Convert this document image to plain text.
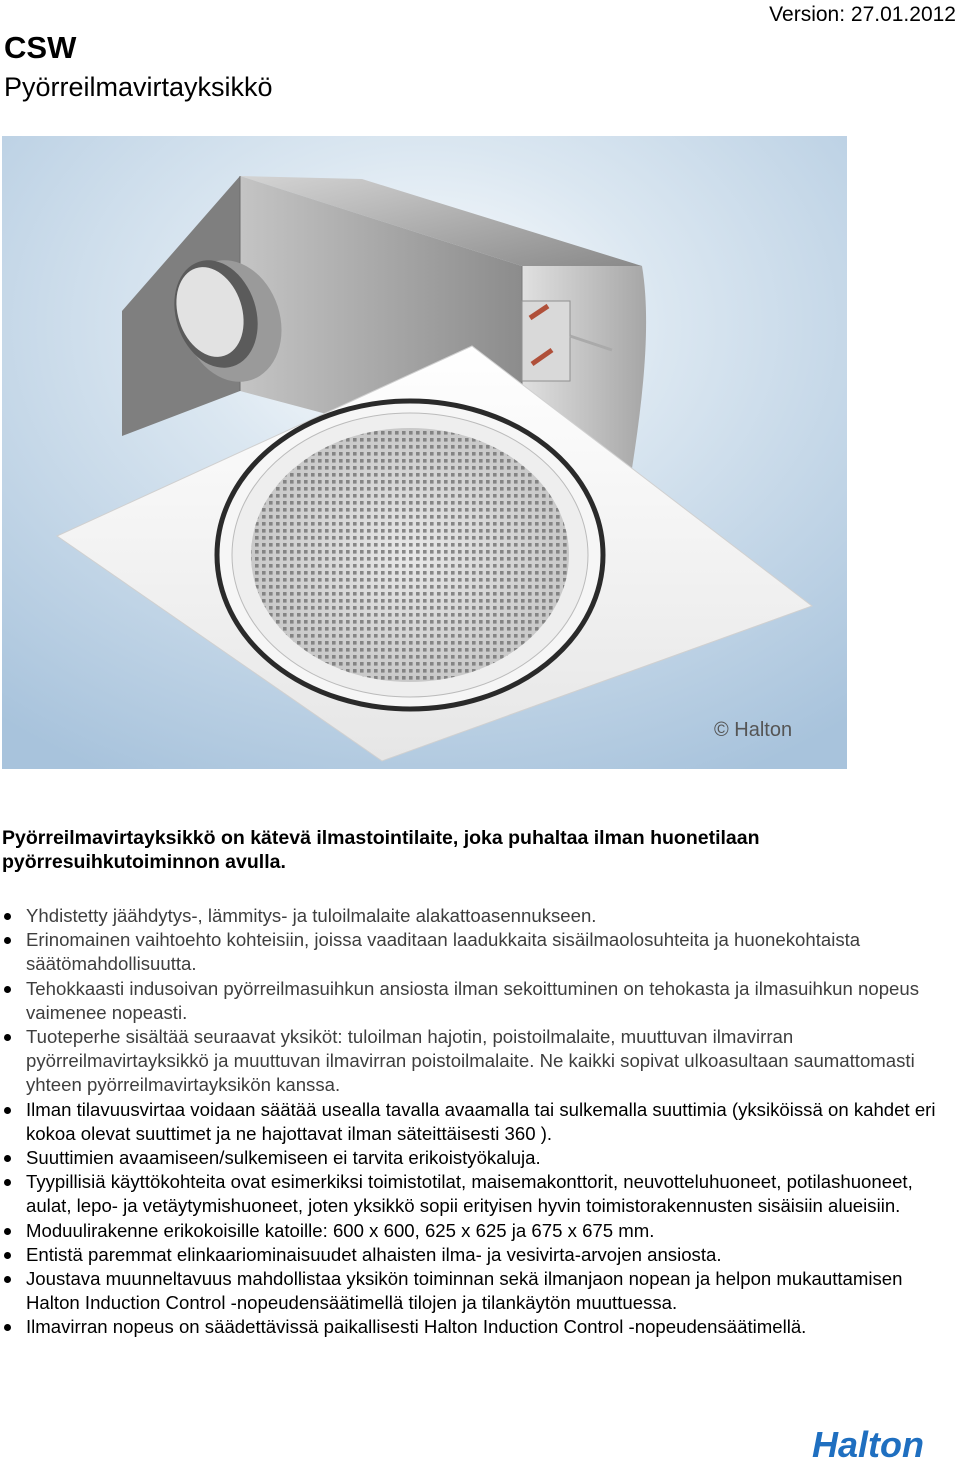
CSW
Pyörreilmavirtayksikkö
Version: 27.01.2012
© Halton
Pyörreilmavirtayksikkö on kätevä ilmastointilaite, joka puhaltaa ilman huonetilaan pyörresuihkutoiminnon avulla.
Yhdistetty jäähdytys-, lämmitys- ja tuloilmalaite alakattoasennukseen.
Erinomainen vaihtoehto kohteisiin, joissa vaaditaan laadukkaita sisäilmaolosuhteita ja huonekohtaista säätömahdollisuutta.
Tehokkaasti indusoivan pyörreilmasuihkun ansiosta ilman sekoittuminen on tehokasta ja ilmasuihkun nopeus vaimenee nopeasti.
Tuoteperhe sisältää seuraavat yksiköt: tuloilman hajotin, poistoilmalaite, muuttuvan ilmavirran pyörreilmavirtayksikkö ja muuttuvan ilmavirran poistoilmalaite. Ne kaikki sopivat ulkoasultaan saumattomasti yhteen pyörreilmavirtayksikön kanssa.
Ilman tilavuusvirtaa voidaan säätää usealla tavalla avaamalla tai sulkemalla suuttimia (yksiköissä on kahdet eri kokoa olevat suuttimet ja ne hajottavat ilman säteittäisesti 360 ).
Suuttimien avaamiseen/sulkemiseen ei tarvita erikoistyökaluja.
Tyypillisiä käyttökohteita ovat esimerkiksi toimistotilat, maisemakonttorit, neuvotteluhuoneet, potilashuoneet, aulat, lepo- ja vetäytymishuoneet, joten yksikkö sopii erityisen hyvin toimistorakennusten sisäisiin alueisiin.
Moduulirakenne erikokoisille katoille: 600 x 600, 625 x 625 ja 675 x 675 mm.
Entistä paremmat elinkaariominaisuudet alhaisten ilma- ja vesivirta-arvojen ansiosta.
Joustava muunneltavuus mahdollistaa yksikön toiminnan sekä ilmanjaon nopean ja helpon mukauttamisen Halton Induction Control -nopeudensäätimellä tilojen ja tilankäytön muuttuessa.
Ilmavirran nopeus on säädettävissä paikallisesti Halton Induction Control -nopeudensäätimellä.
Halton
